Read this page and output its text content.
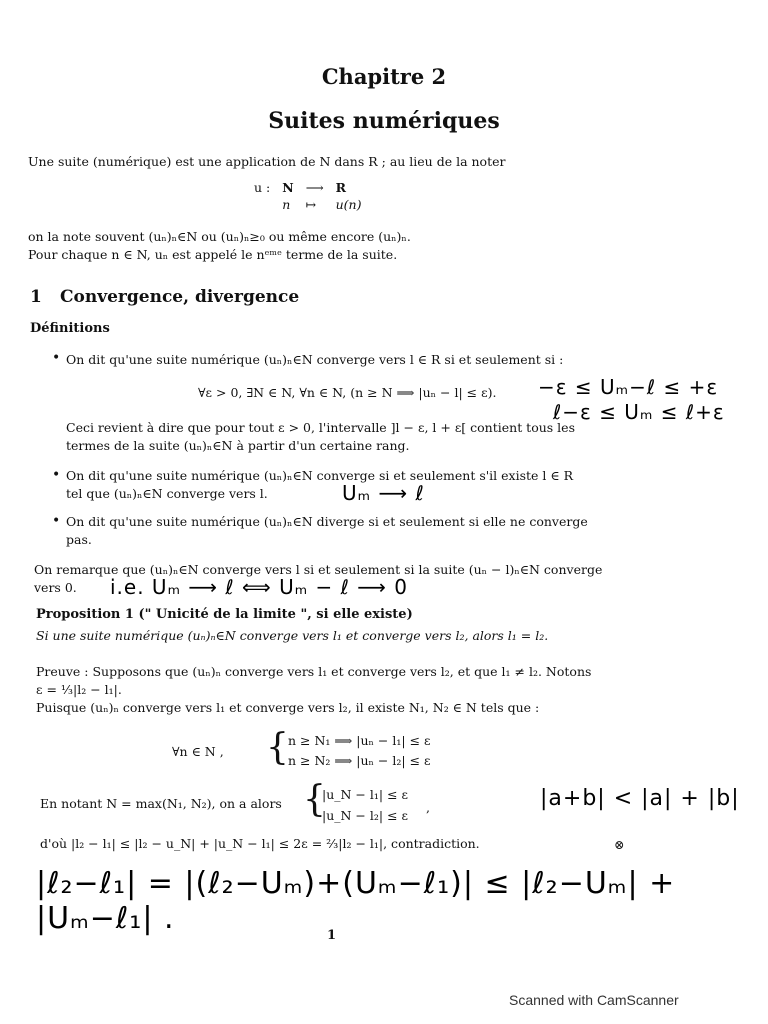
Chapitre 2
Suites numériques
Une suite (numérique) est une application de N dans R ; au lieu de la noter
u :	N	⟶	R
	n	↦	u(n)
on la note souvent (uₙ)ₙ∈N ou (uₙ)ₙ≥₀ ou même encore (uₙ)ₙ.
Pour chaque n ∈ N, uₙ est appelé le nᵉᵐᵉ terme de la suite.
1 Convergence, divergence
Définitions
• On dit qu'une suite numérique (uₙ)ₙ∈N converge vers l ∈ R si et seulement si :
∀ε > 0, ∃N ∈ N, ∀n ∈ N, (n ≥ N ⟹ |uₙ − l| ≤ ε).
Ceci revient à dire que pour tout ε > 0, l'intervalle ]l − ε, l + ε[ contient tous les
termes de la suite (uₙ)ₙ∈N à partir d'un certaine rang.
−ε ≤ Uₘ−ℓ ≤ +ε
ℓ−ε ≤ Uₘ ≤ ℓ+ε
• On dit qu'une suite numérique (uₙ)ₙ∈N converge si et seulement s'il existe l ∈ R
tel que (uₙ)ₙ∈N converge vers l.	Uₘ ⟶ ℓ
• On dit qu'une suite numérique (uₙ)ₙ∈N diverge si et seulement si elle ne converge
pas.
On remarque que (uₙ)ₙ∈N converge vers l si et seulement si la suite (uₙ − l)ₙ∈N converge
vers 0. i.e. Uₘ ⟶ ℓ ⟺ Uₘ − ℓ ⟶ 0
Proposition 1 (" Unicité de la limite ", si elle existe)
Si une suite numérique (uₙ)ₙ∈N converge vers l₁ et converge vers l₂, alors l₁ = l₂.
Preuve : Supposons que (uₙ)ₙ converge vers l₁ et converge vers l₂, et que l₁ ≠ l₂. Notons
ε = ⅓|l₂ − l₁|.
Puisque (uₙ)ₙ converge vers l₁ et converge vers l₂, il existe N₁, N₂ ∈ N tels que :
∀n ∈ N , { n ≥ N₁ ⟹ |uₙ − l₁| ≤ ε
n ≥ N₂ ⟹ |uₙ − l₂| ≤ ε
En notant N = max(N₁, N₂), on a alors {
|u_N − l₁| ≤ ε
|u_N − l₂| ≤ ε
,	|a+b| < |a| + |b|
d'où |l₂ − l₁| ≤ |l₂ − u_N| + |u_N − l₁| ≤ 2ε = ⅔|l₂ − l₁|, contradiction.	⊗
|ℓ₂−ℓ₁| = |(ℓ₂−Uₘ)+(Uₘ−ℓ₁)| ≤ |ℓ₂−Uₘ| + |Uₘ−ℓ₁| .	1
Scanned with CamScanner
